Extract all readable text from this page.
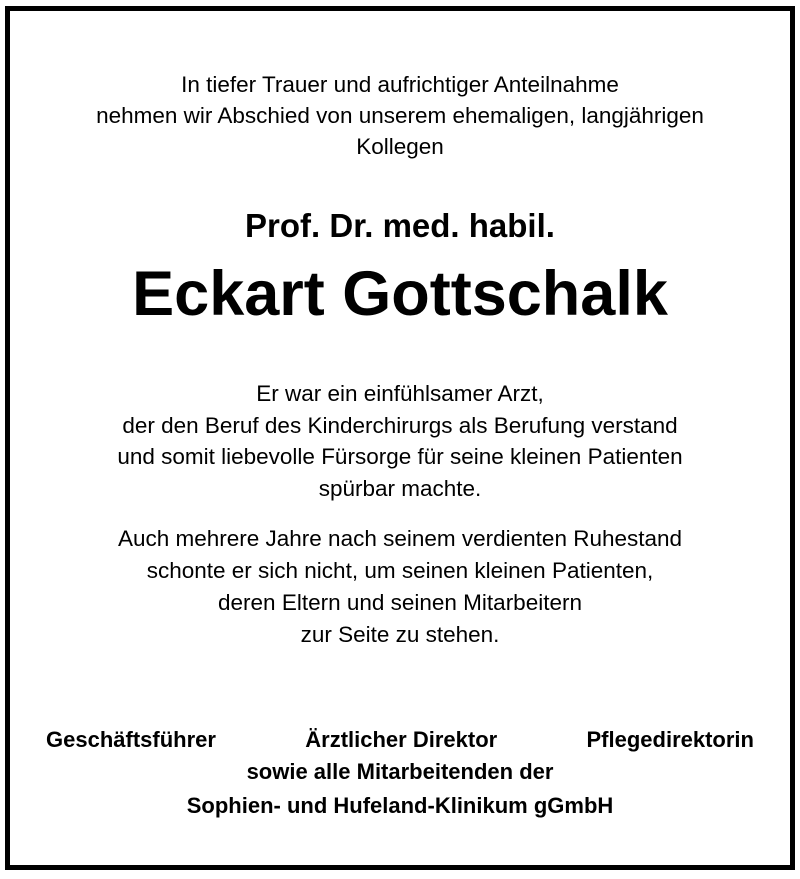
In tiefer Trauer und aufrichtiger Anteilnahme
nehmen wir Abschied von unserem ehemaligen, langjährigen
Kollegen
Prof. Dr. med. habil.
Eckart Gottschalk
Er war ein einfühlsamer Arzt,
der den Beruf des Kinderchirurgs als Berufung verstand
und somit liebevolle Fürsorge für seine kleinen Patienten
spürbar machte.
Auch mehrere Jahre nach seinem verdienten Ruhestand
schonte er sich nicht, um seinen kleinen Patienten,
deren Eltern und seinen Mitarbeitern
zur Seite zu stehen.
Geschäftsführer	Ärztlicher Direktor	Pflegedirektorin
sowie alle Mitarbeitenden der
Sophien- und Hufeland-Klinikum gGmbH
